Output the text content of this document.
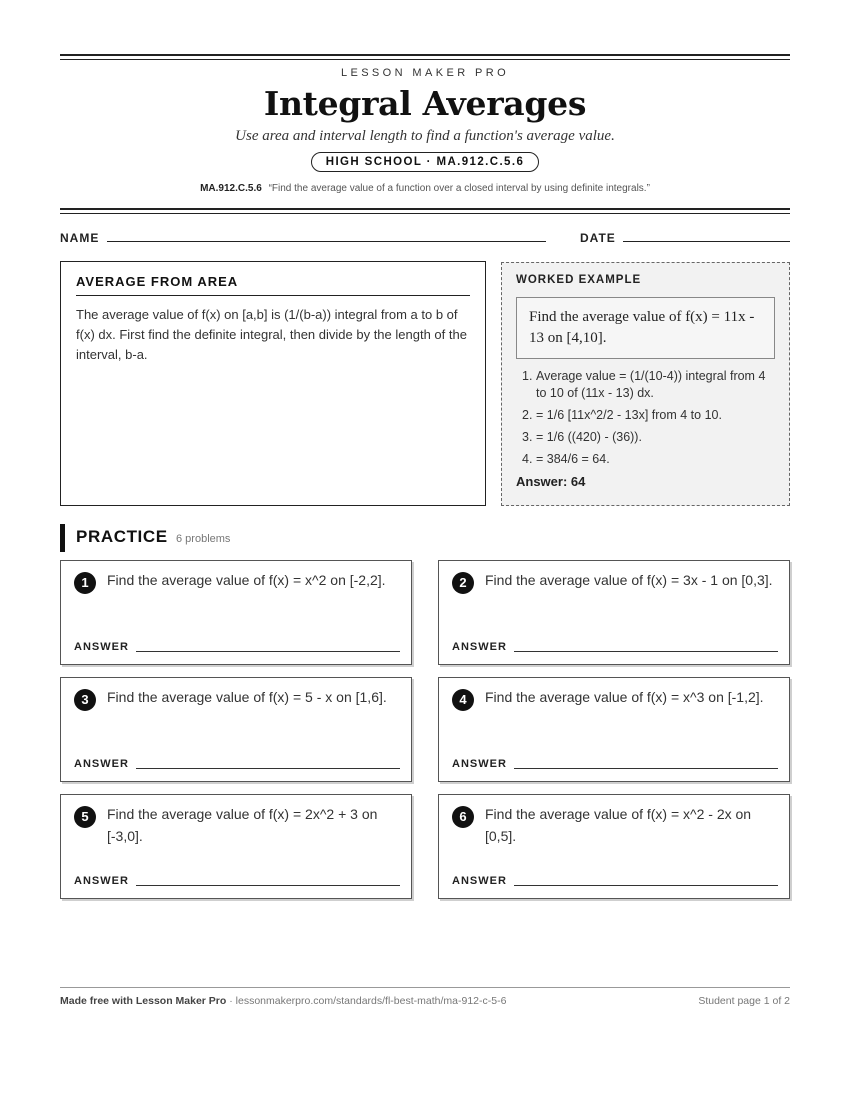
LESSON MAKER PRO
Integral Averages
Use area and interval length to find a function's average value.
HIGH SCHOOL · MA.912.C.5.6
MA.912.C.5.6 “Find the average value of a function over a closed interval by using definite integrals.”
NAME	DATE
AVERAGE FROM AREA
The average value of f(x) on [a,b] is (1/(b-a)) integral from a to b of f(x) dx. First find the definite integral, then divide by the length of the interval, b-a.
WORKED EXAMPLE
Find the average value of f(x) = 11x - 13 on [4,10].
1. Average value = (1/(10-4)) integral from 4 to 10 of (11x - 13) dx.
2. = 1/6 [11x^2/2 - 13x] from 4 to 10.
3. = 1/6 ((420) - (36)).
4. = 384/6 = 64.
Answer: 64
PRACTICE 6 problems
1	Find the average value of f(x) = x^2 on [-2,2].
ANSWER
2	Find the average value of f(x) = 3x - 1 on [0,3].
ANSWER
3	Find the average value of f(x) = 5 - x on [1,6].
ANSWER
4	Find the average value of f(x) = x^3 on [-1,2].
ANSWER
5	Find the average value of f(x) = 2x^2 + 3 on [-3,0].
ANSWER
6	Find the average value of f(x) = x^2 - 2x on [0,5].
ANSWER
Made free with Lesson Maker Pro · lessonmakerpro.com/standards/fl-best-math/ma-912-c-5-6	Student page 1 of 2
